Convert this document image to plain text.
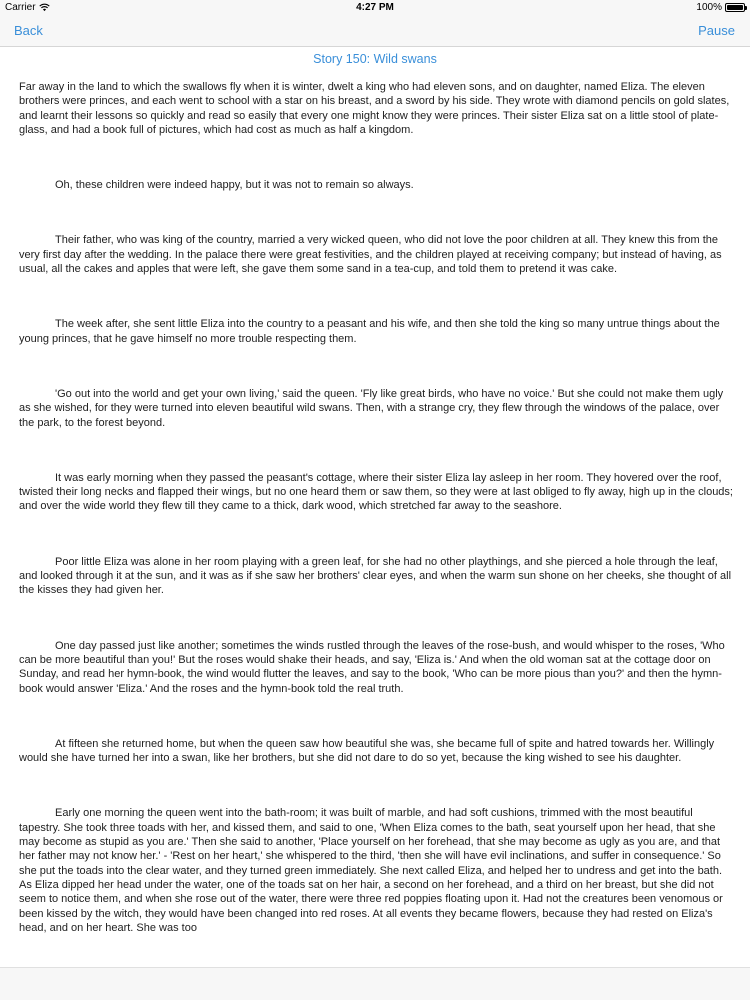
Carrier	4:27 PM	100%
Back	Pause
Story 150: Wild swans

Far away in the land to which the swallows fly when it is winter, dwelt a king who had eleven sons, and on daughter, named Eliza. The eleven brothers were princes, and each went to school with a star on his breast, and a sword by his side. They wrote with diamond pencils on gold slates, and learnt their lessons so quickly and read so easily that every one might know they were princes. Their sister Eliza sat on a little stool of plate-glass, and had a book full of pictures, which had cost as much as half a kingdom.

Oh, these children were indeed happy, but it was not to remain so always.

Their father, who was king of the country, married a very wicked queen, who did not love the poor children at all. They knew this from the very first day after the wedding. In the palace there were great festivities, and the children played at receiving company; but instead of having, as usual, all the cakes and apples that were left, she gave them some sand in a tea-cup, and told them to pretend it was cake.

The week after, she sent little Eliza into the country to a peasant and his wife, and then she told the king so many untrue things about the young princes, that he gave himself no more trouble respecting them.

'Go out into the world and get your own living,' said the queen. 'Fly like great birds, who have no voice.' But she could not make them ugly as she wished, for they were turned into eleven beautiful wild swans. Then, with a strange cry, they flew through the windows of the palace, over the park, to the forest beyond.

It was early morning when they passed the peasant's cottage, where their sister Eliza lay asleep in her room. They hovered over the roof, twisted their long necks and flapped their wings, but no one heard them or saw them, so they were at last obliged to fly away, high up in the clouds; and over the wide world they flew till they came to a thick, dark wood, which stretched far away to the seashore.

Poor little Eliza was alone in her room playing with a green leaf, for she had no other playthings, and she pierced a hole through the leaf, and looked through it at the sun, and it was as if she saw her brothers' clear eyes, and when the warm sun shone on her cheeks, she thought of all the kisses they had given her.

One day passed just like another; sometimes the winds rustled through the leaves of the rose-bush, and would whisper to the roses, 'Who can be more beautiful than you!' But the roses would shake their heads, and say, 'Eliza is.' And when the old woman sat at the cottage door on Sunday, and read her hymn-book, the wind would flutter the leaves, and say to the book, 'Who can be more pious than you?' and then the hymn-book would answer 'Eliza.' And the roses and the hymn-book told the real truth.

At fifteen she returned home, but when the queen saw how beautiful she was, she became full of spite and hatred towards her. Willingly would she have turned her into a swan, like her brothers, but she did not dare to do so yet, because the king wished to see his daughter.

Early one morning the queen went into the bath-room; it was built of marble, and had soft cushions, trimmed with the most beautiful tapestry. She took three toads with her, and kissed them, and said to one, 'When Eliza comes to the bath, seat yourself upon her head, that she may become as stupid as you are.' Then she said to another, 'Place yourself on her forehead, that she may become as ugly as you are, and that her father may not know her.' - 'Rest on her heart,' she whispered to the third, 'then she will have evil inclinations, and suffer in consequence.' So she put the toads into the clear water, and they turned green immediately. She next called Eliza, and helped her to undress and get into the bath. As Eliza dipped her head under the water, one of the toads sat on her hair, a second on her forehead, and a third on her breast, but she did not seem to notice them, and when she rose out of the water, there were three red poppies floating upon it. Had not the creatures been venomous or been kissed by the witch, they would have been changed into red roses. At all events they became flowers, because they had rested on Eliza's head, and on her heart. She was too
